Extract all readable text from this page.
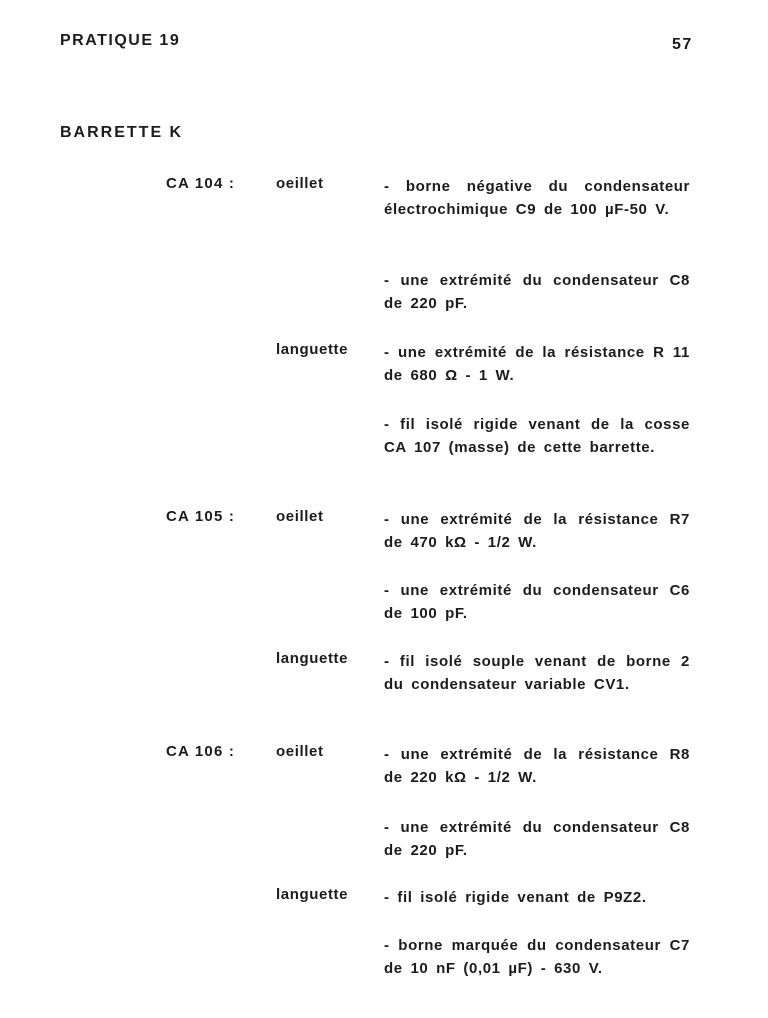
PRATIQUE 19	57
BARRETTE K
CA 104 :	oeillet	- borne négative du condensateur électrochimique C9 de 100 µF-50 V.
- une extrémité du condensateur C8 de 220 pF.
languette - une extrémité de la résistance R 11 de 680 Ω - 1 W.
- fil isolé rigide venant de la cosse CA 107 (masse) de cette barrette.
CA 105 :	oeillet	- une extrémité de la résistance R7 de 470 kΩ - 1/2 W.
- une extrémité du condensateur C6 de 100 pF.
languette - fil isolé souple venant de borne 2 du condensateur variable CV1.
CA 106 :	oeillet	- une extrémité de la résistance R8 de 220 kΩ - 1/2 W.
- une extrémité du condensateur C8 de 220 pF.
languette - fil isolé rigide venant de P9Z2.
- borne marquée du condensateur C7 de 10 nF (0,01 µF) - 630 V.
